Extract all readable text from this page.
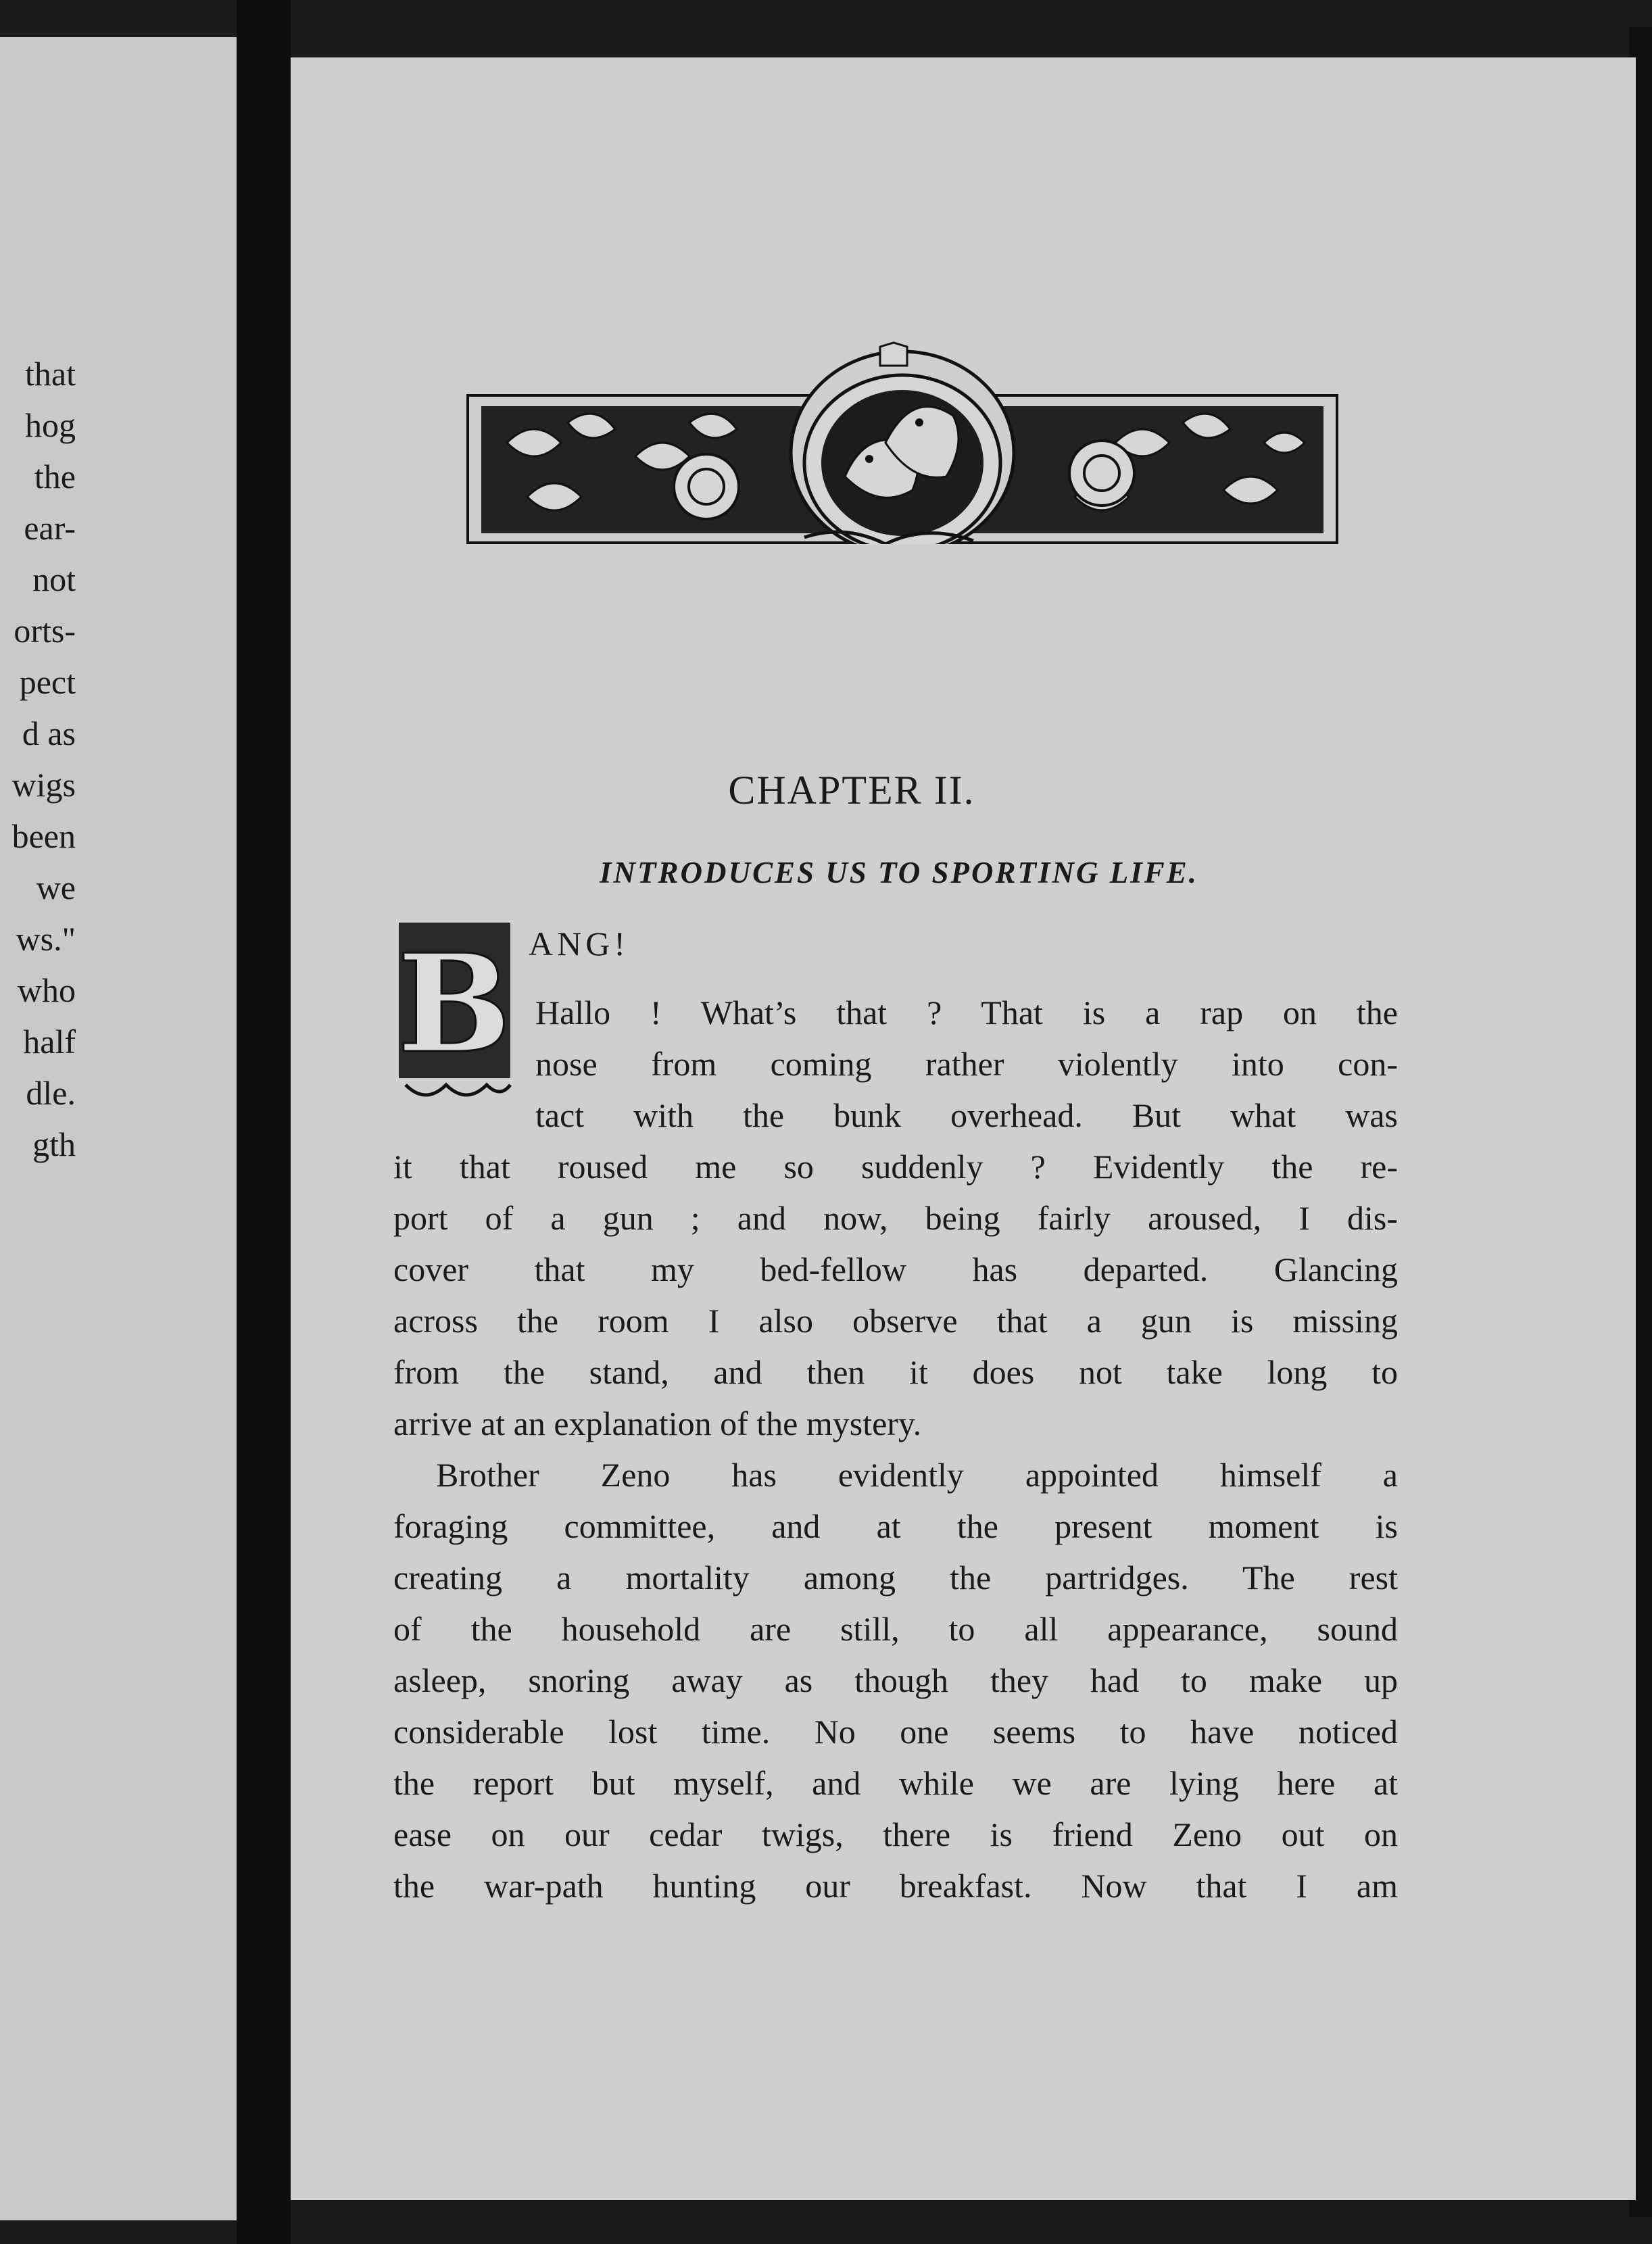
that
hog
the
ear-
not
orts-
pect
d as
wigs
been
we
ws."
who
half
dle.
gth
CHAPTER II.
INTRODUCES US TO SPORTING LIFE.
B ANG!
Hallo ! What’s that ? That is a rap on the
nose from coming rather violently into con-
tact with the bunk overhead. But what was
it that roused me so suddenly ? Evidently the re-
port of a gun ; and now, being fairly aroused, I dis-
cover that my bed-fellow has departed. Glancing
across the room I also observe that a gun is missing
from the stand, and then it does not take long to
arrive at an explanation of the mystery.
Brother Zeno has evidently appointed himself a
foraging committee, and at the present moment is
creating a mortality among the partridges. The rest
of the household are still, to all appearance, sound
asleep, snoring away as though they had to make up
considerable lost time. No one seems to have noticed
the report but myself, and while we are lying here at
ease on our cedar twigs, there is friend Zeno out on
the war-path hunting our breakfast. Now that I am
